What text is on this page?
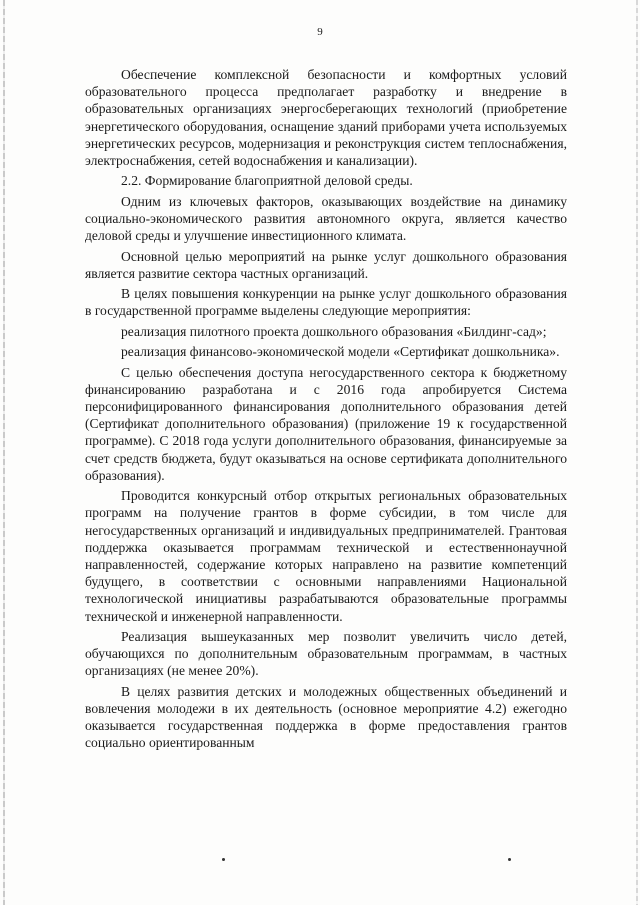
9

Обеспечение комплексной безопасности и комфортных условий образовательного процесса предполагает разработку и внедрение в образовательных организациях энергосберегающих технологий (приобретение энергетического оборудования, оснащение зданий приборами учета используемых энергетических ресурсов, модернизация и реконструкция систем теплоснабжения, электроснабжения, сетей водоснабжения и канализации).

2.2. Формирование благоприятной деловой среды.

Одним из ключевых факторов, оказывающих воздействие на динамику социально-экономического развития автономного округа, является качество деловой среды и улучшение инвестиционного климата.

Основной целью мероприятий на рынке услуг дошкольного образования является развитие сектора частных организаций.

В целях повышения конкуренции на рынке услуг дошкольного образования в государственной программе выделены следующие мероприятия:

реализация пилотного проекта дошкольного образования «Билдинг-сад»;

реализация финансово-экономической модели «Сертификат дошкольника».

С целью обеспечения доступа негосударственного сектора к бюджетному финансированию разработана и с 2016 года апробируется Система персонифицированного финансирования дополнительного образования детей (Сертификат дополнительного образования) (приложение 19 к государственной программе). С 2018 года услуги дополнительного образования, финансируемые за счет средств бюджета, будут оказываться на основе сертификата дополнительного образования).

Проводится конкурсный отбор открытых региональных образовательных программ на получение грантов в форме субсидии, в том числе для негосударственных организаций и индивидуальных предпринимателей. Грантовая поддержка оказывается программам технической и естественнонаучной направленностей, содержание которых направлено на развитие компетенций будущего, в соответствии с основными направлениями Национальной технологической инициативы разрабатываются образовательные программы технической и инженерной направленности.

Реализация вышеуказанных мер позволит увеличить число детей, обучающихся по дополнительным образовательным программам, в частных организациях (не менее 20%).

В целях развития детских и молодежных общественных объединений и вовлечения молодежи в их деятельность (основное мероприятие 4.2) ежегодно оказывается государственная поддержка в форме предоставления грантов социально ориентированным
